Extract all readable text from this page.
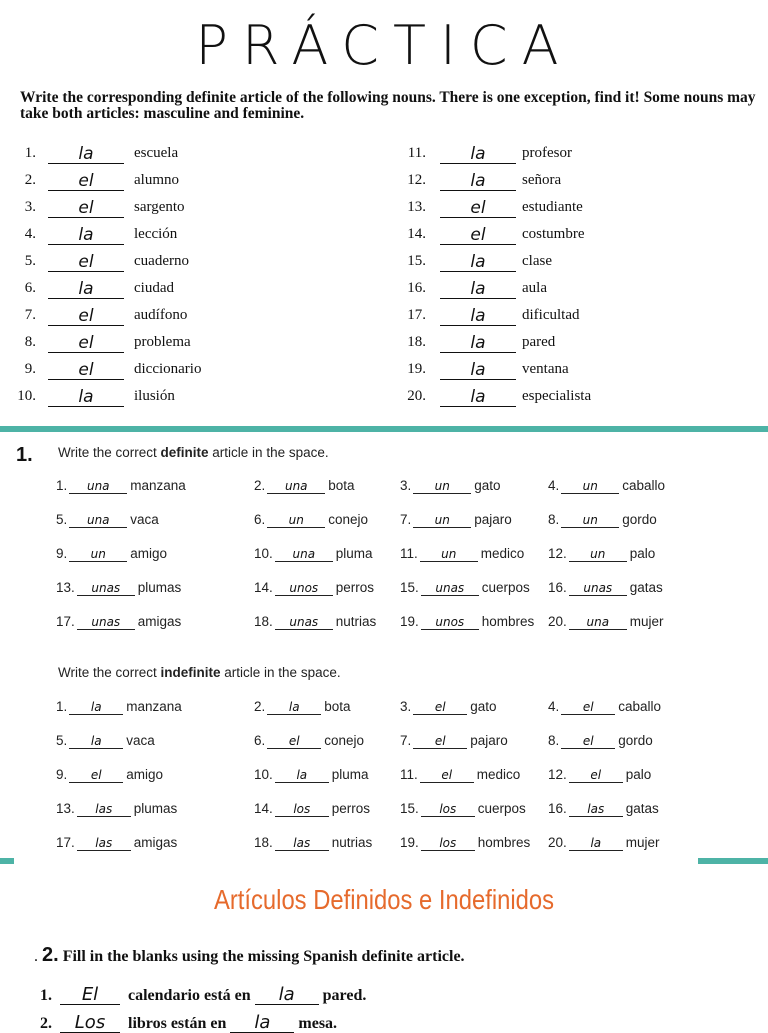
PRÁCTICA
Write the corresponding definite article of the following nouns. There is one exception, find it! Some nouns may take both articles: masculine and feminine.
1.	la	escuela
2.	el	alumno
3.	el	sargento
4.	la	lección
5.	el	cuaderno
6.	la	ciudad
7.	el	audífono
8.	el	problema
9.	el	diccionario
10.	la	ilusión
11.	la	profesor
12.	la	señora
13.	el	estudiante
14.	el	costumbre
15.	la	clase
16.	la	aula
17.	la	dificultad
18.	la	pared
19.	la	ventana
20.	la	especialista
1. Write the correct definite article in the space.
1. una manzana	2. una bota	3. un gato	4. un caballo
5. una vaca	6. un conejo 7. un pajaro	8. un gordo
9. un amigo	10. una pluma 11. un medico 12. un palo
13. unas plumas	14. unos perros 15. unas cuerpos 16. unas gatas
17. unas amigas	18. unas nutrias 19. unos hombres 20. una mujer
Write the correct indefinite article in the space.
1. la manzana	2. la bota	3. el gato	4. el caballo
5. la vaca	6. el conejo	7. el pajaro	8. el gordo
9. el amigo	10. la pluma 11. el medico 12. el palo
13. las plumas	14. los perros 15. los cuerpos 16. las gatas
17. las amigas	18. las nutrias 19. los hombres 20. la mujer
Artículos Definidos e Indefinidos
. 2. Fill in the blanks using the missing Spanish definite article.
1. El calendario está en la pared.
2. Los libros están en la mesa.
